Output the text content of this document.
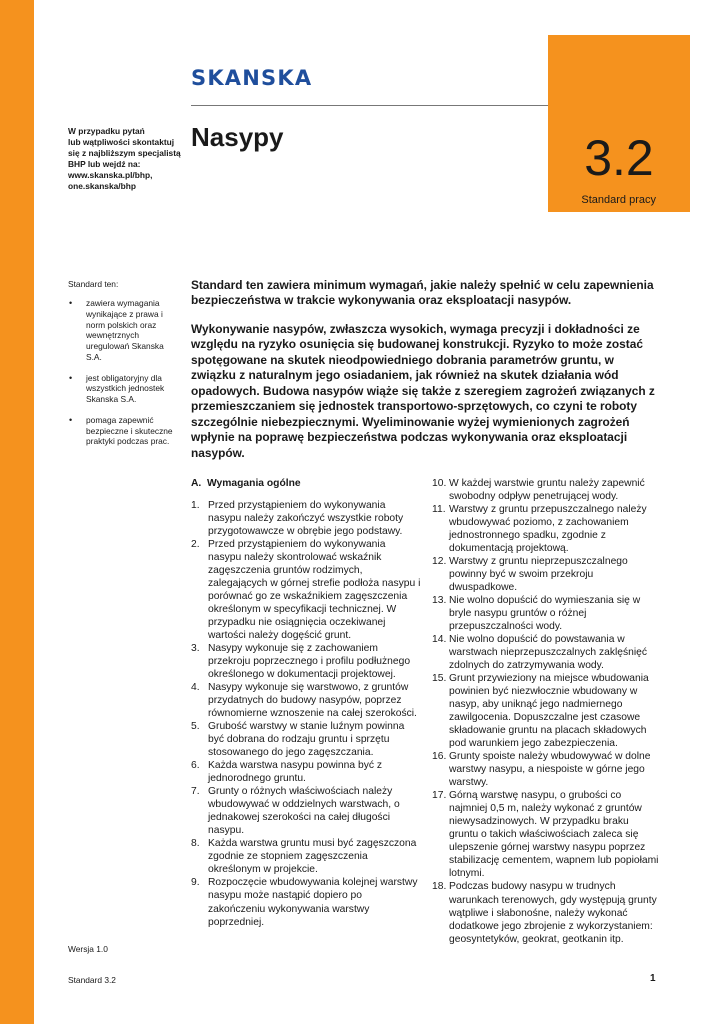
SKANSKA
3.2
Standard pracy
W przypadku pytań
lub wątpliwości skontaktuj
się z najbliższym specjalistą
BHP lub wejdź na:
www.skanska.pl/bhp,
one.skanska/bhp
Nasypy
Standard ten:
• zawiera wymagania wynikające z prawa i norm polskich oraz wewnętrznych uregulowań Skanska S.A.
• jest obligatoryjny dla wszystkich jednostek Skanska S.A.
• pomaga zapewnić bezpieczne i skuteczne praktyki podczas prac.

Standard ten zawiera minimum wymagań, jakie należy spełnić w celu zapewnienia bezpieczeństwa w trakcie wykonywania oraz eksploatacji nasypów.

Wykonywanie nasypów, zwłaszcza wysokich, wymaga precyzji i dokładności ze względu na ryzyko osunięcia się budowanej konstrukcji. Ryzyko to może zostać spotęgowane na skutek nieodpowiedniego dobrania parametrów gruntu, w związku z naturalnym jego osiadaniem, jak również na skutek działania wód opadowych. Budowa nasypów wiąże się także z szeregiem zagrożeń związanych z przemieszczaniem się jednostek transportowo-sprzętowych, co czyni te roboty szczególnie niebezpiecznymi. Wyeliminowanie wyżej wymienionych zagrożeń wpłynie na poprawę bezpieczeństwa podczas wykonywania oraz eksploatacji nasypów.

A. Wymagania ogólne
1. Przed przystąpieniem do wykonywania nasypu należy zakończyć wszystkie roboty przygotowawcze w obrębie jego podstawy.
2. Przed przystąpieniem do wykonywania nasypu należy skontrolować wskaźnik zagęszczenia gruntów rodzimych, zalegających w górnej strefie podłoża nasypu i porównać go ze wskaźnikiem zagęszczenia określonym w specyfikacji technicznej. W przypadku nie osiągnięcia oczekiwanej wartości należy dogęścić grunt.
3. Nasypy wykonuje się z zachowaniem przekroju poprzecznego i profilu podłużnego określonego w dokumentacji projektowej.
4. Nasypy wykonuje się warstwowo, z gruntów przydatnych do budowy nasypów, poprzez równomierne wznoszenie na całej szerokości.
5. Grubość warstwy w stanie luźnym powinna być dobrana do rodzaju gruntu i sprzętu stosowanego do jego zagęszczania.
6. Każda warstwa nasypu powinna być z jednorodnego gruntu.
7. Grunty o różnych właściwościach należy wbudowywać w oddzielnych warstwach, o jednakowej szerokości na całej długości nasypu.
8. Każda warstwa gruntu musi być zagęszczona zgodnie ze stopniem zagęszczenia określonym w projekcie.
9. Rozpoczęcie wbudowywania kolejnej warstwy nasypu może nastąpić dopiero po zakończeniu wykonywania warstwy poprzedniej.
10. W każdej warstwie gruntu należy zapewnić swobodny odpływ penetrującej wody.
11. Warstwy z gruntu przepuszczalnego należy wbudowywać poziomo, z zachowaniem jednostronnego spadku, zgodnie z dokumentacją projektową.
12. Warstwy z gruntu nieprzepuszczalnego powinny być w swoim przekroju dwuspadkowe.
13. Nie wolno dopuścić do wymieszania się w bryle nasypu gruntów o różnej przepuszczalności wody.
14. Nie wolno dopuścić do powstawania w warstwach nieprzepuszczalnych zaklęśnięć zdolnych do zatrzymywania wody.
15. Grunt przywieziony na miejsce wbudowania powinien być niezwłocznie wbudowany w nasyp, aby uniknąć jego nadmiernego zawilgocenia. Dopuszczalne jest czasowe składowanie gruntu na placach składowych pod warunkiem jego zabezpieczenia.
16. Grunty spoiste należy wbudowywać w dolne warstwy nasypu, a niespoiste w górne jego warstwy.
17. Górną warstwę nasypu, o grubości co najmniej 0,5 m, należy wykonać z gruntów niewysadzinowych. W przypadku braku gruntu o takich właściwościach zaleca się ulepszenie górnej warstwy nasypu poprzez stabilizację cementem, wapnem lub popiołami lotnymi.
18. Podczas budowy nasypu w trudnych warunkach terenowych, gdy występują grunty wątpliwe i słabonośne, należy wykonać dodatkowe jego zbrojenie z wykorzystaniem: geosyntetyków, geokrat, geotkanin itp.
Wersja 1.0
Standard 3.2	1
